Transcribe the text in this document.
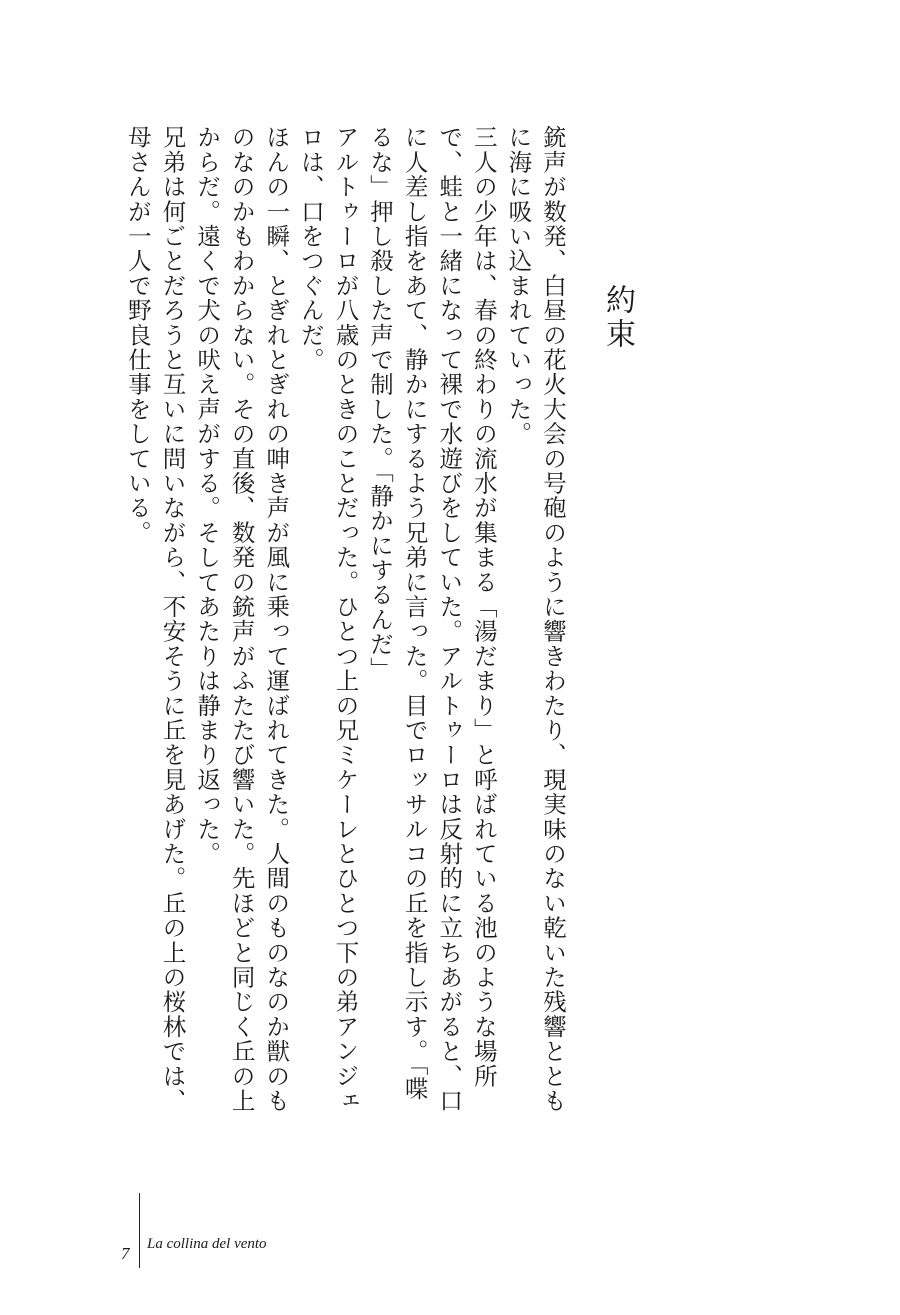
約束

銃声が数発、白昼の花火大会の号砲のように響きわたり、現実味のない乾いた残響とともに海に吸い込まれていった。

三人の少年は、春の終わりの流水が集まる「湯だまり」と呼ばれている池のような場所で、蛙と一緒になって裸で水遊びをしていた。アルトゥーロは反射的に立ちあがると、口に人差し指をあて、静かにするよう兄弟に言った。目でロッサルコの丘を指し示す。「喋るな」押し殺した声で制した。「静かにするんだ」

アルトゥーロが八歳のときのことだった。ひとつ上の兄ミケーレとひとつ下の弟アンジェロは、口をつぐんだ。

ほんの一瞬、とぎれとぎれの呻き声が風に乗って運ばれてきた。人間のものなのか獣のものなのかもわからない。その直後、数発の銃声がふたたび響いた。先ほどと同じく丘の上からだ。遠くで犬の吠え声がする。そしてあたりは静まり返った。

兄弟は何ごとだろうと互いに問いながら、不安そうに丘を見あげた。丘の上の桜林では、母さんが一人で野良仕事をしている。

7 La collina del vento
